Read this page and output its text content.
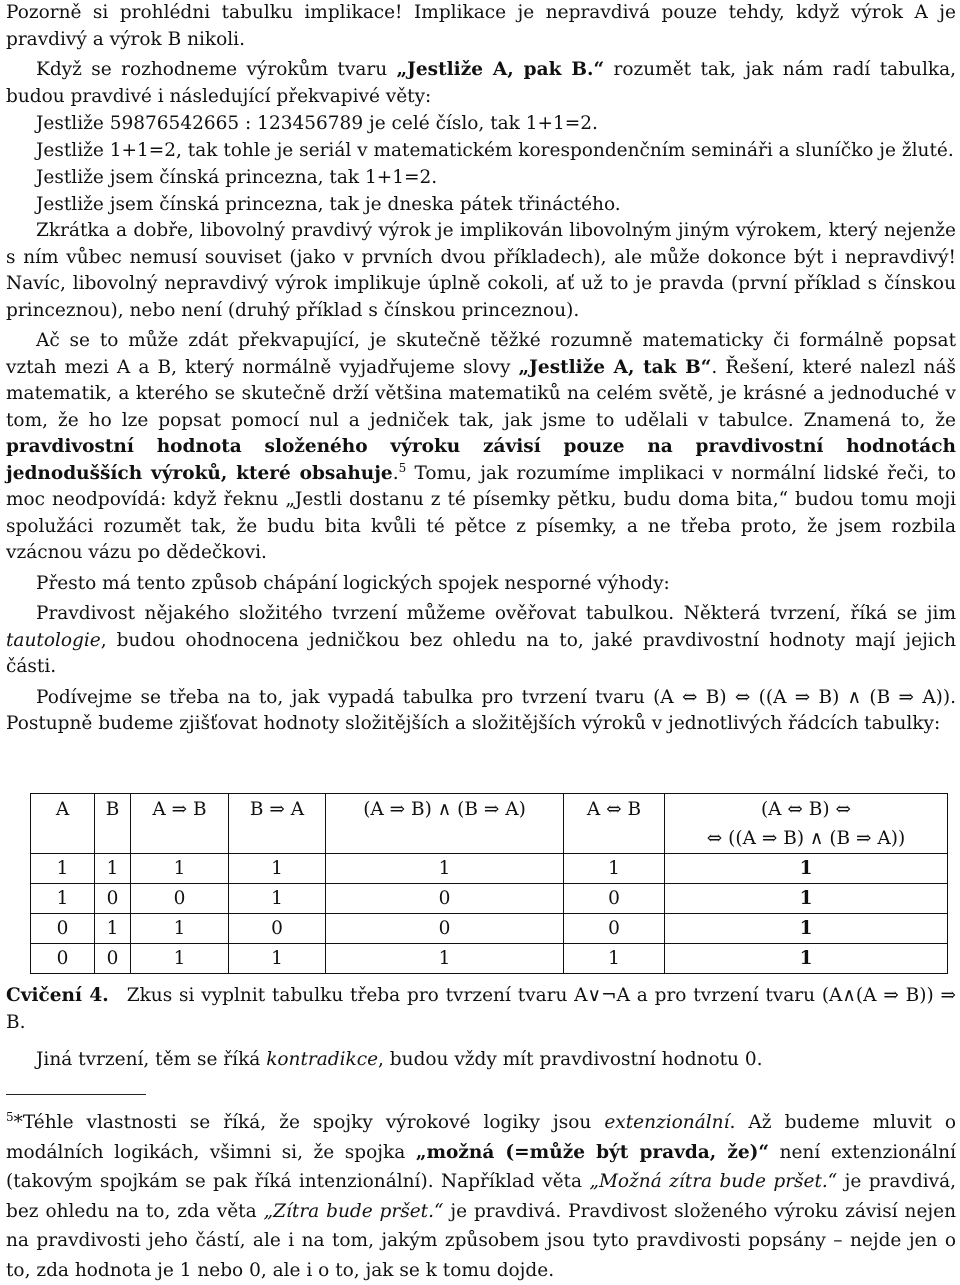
Pozorně si prohlédni tabulku implikace! Implikace je nepravdivá pouze tehdy, když výrok A je pravdivý a výrok B nikoli.

Když se rozhodneme výrokům tvaru „Jestliže A, pak B.“ rozumět tak, jak nám radí tabulka, budou pravdivé i následující překvapivé věty:

Jestliže 59876542665 : 123456789 je celé číslo, tak 1+1=2.

Jestliže 1+1=2, tak tohle je seriál v matematickém korespondenčním semináři a sluníčko je žluté.

Jestliže jsem čínská princezna, tak 1+1=2.

Jestliže jsem čínská princezna, tak je dneska pátek třináctého.

Zkrátka a dobře, libovolný pravdivý výrok je implikován libovolným jiným výrokem, který nejenže s ním vůbec nemusí souviset (jako v prvních dvou příkladech), ale může dokonce být i nepravdivý! Navíc, libovolný nepravdivý výrok implikuje úplně cokoli, ať už to je pravda (první příklad s čínskou princeznou), nebo není (druhý příklad s čínskou princeznou).

Ač se to může zdát překvapující, je skutečně těžké rozumně matematicky či formálně popsat vztah mezi A a B, který normálně vyjadřujeme slovy „Jestliže A, tak B“. Řešení, které nalezl náš matematik, a kterého se skutečně drží většina matematiků na celém světě, je krásné a jednoduché v tom, že ho lze popsat pomocí nul a jedniček tak, jak jsme to udělali v tabulce. Znamená to, že pravdivostní hodnota složeného výroku závisí pouze na pravdivostní hodnotách jednodušších výroků, které obsahuje.$^5$ Tomu, jak rozumíme implikaci v normální lidské řeči, to moc neodpovídá: když řeknu „Jestli dostanu z té písemky pětku, budu doma bita,“ budou tomu moji spolužáci rozumět tak, že budu bita kvůli té pětce z písemky, a ne třeba proto, že jsem rozbila vzácnou vázu po dědečkovi.

Přesto má tento způsob chápání logických spojek nesporné výhody:

Pravdivost nějakého složitého tvrzení můžeme ověřovat tabulkou. Některá tvrzení, říká se jim tautologie, budou ohodnocena jedničkou bez ohledu na to, jaké pravdivostní hodnoty mají jejich části.

Podívejme se třeba na to, jak vypadá tabulka pro tvrzení tvaru (A ⇔ B) ⇔ ((A ⇒ B) ∧ (B ⇒ A)). Postupně budeme zjišťovat hodnoty složitějších a složitějších výroků v jednotlivých řádcích tabulky:

A	B	A ⇒ B	B ⇒ A	(A ⇒ B) ∧ (B ⇒ A)	A ⇔ B	(A ⇔ B) ⇔
						⇔ ((A ⇒ B) ∧ (B ⇒ A))
1	1	1	1	1	1	1
1	0	0	1	0	0	1
0	1	1	0	0	0	1
0	0	1	1	1	1	1

Cvičení 4. Zkus si vyplnit tabulku třeba pro tvrzení tvaru A∨¬A a pro tvrzení tvaru (A∧(A ⇒ B)) ⇒ B.

Jiná tvrzení, těm se říká kontradikce, budou vždy mít pravdivostní hodnotu 0.

$^5$*Téhle vlastnosti se říká, že spojky výrokové logiky jsou extenzionální. Až budeme mluvit o modálních logikách, všimni si, že spojka „možná (=může být pravda, že)“ není extenzionální (takovým spojkám se pak říká intenzionální). Například věta „Možná zítra bude pršet.“ je pravdivá, bez ohledu na to, zda věta „Zítra bude pršet.“ je pravdivá. Pravdivost složeného výroku závisí nejen na pravdivosti jeho částí, ale i na tom, jakým způsobem jsou tyto pravdivosti popsány – nejde jen o to, zda hodnota je 1 nebo 0, ale i o to, jak se k tomu dojde.
